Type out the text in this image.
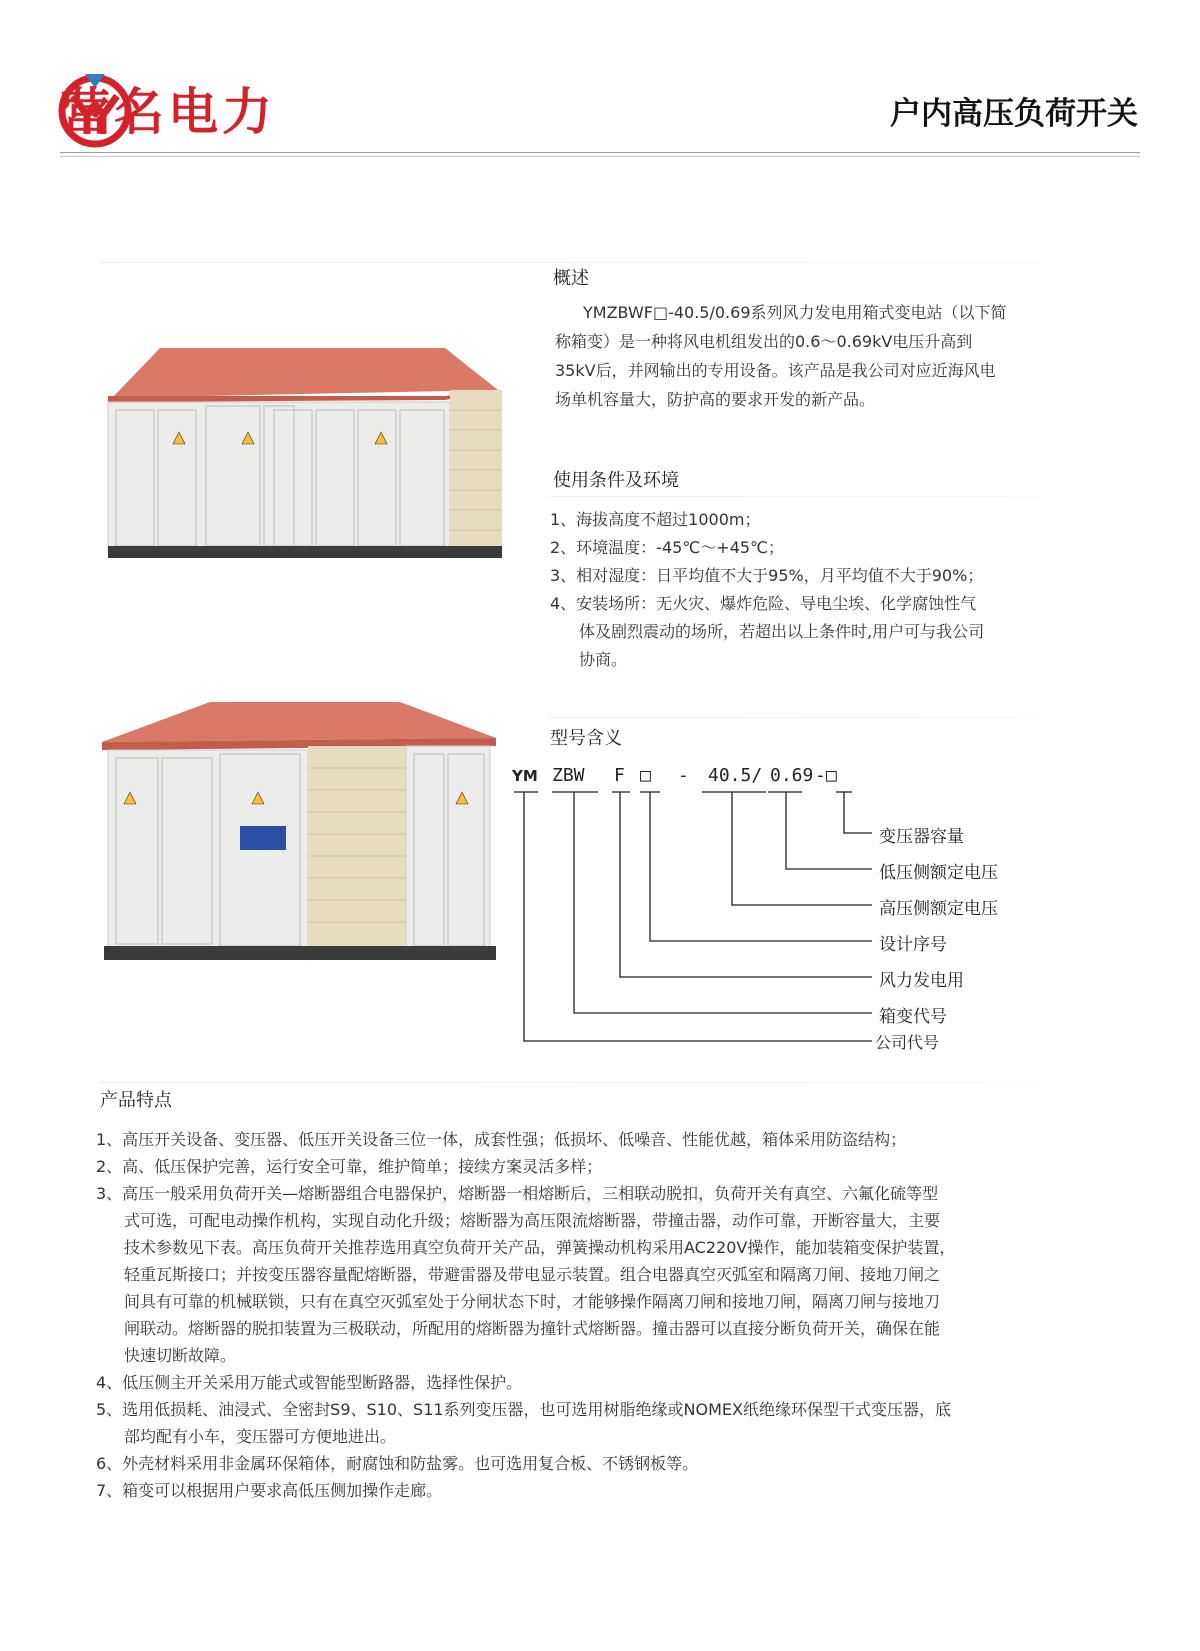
营名电力	户内高压负荷开关
概述
YMZBWF□-40.5/0.69系列风力发电用箱式变电站（以下简
称箱变）是一种将风电机组发出的0.6～0.69kV电压升高到
35kV后，并网输出的专用设备。该产品是我公司对应近海风电
场单机容量大，防护高的要求开发的新产品。
使用条件及环境
1、海拔高度不超过1000m；
2、环境温度：-45℃～+45℃；
3、相对湿度：日平均值不大于95%，月平均值不大于90%；
4、安装场所：无火灾、爆炸危险、导电尘埃、化学腐蚀性气
体及剧烈震动的场所，若超出以上条件时,用户可与我公司
协商。
型号含义
YM ZBW F □ - 40.5/ 0.69 -□
变压器容量
低压侧额定电压
高压侧额定电压
设计序号
风力发电用
箱变代号
公司代号
产品特点
1、高压开关设备、变压器、低压开关设备三位一体，成套性强；低损坏、低噪音、性能优越，箱体采用防盗结构；
2、高、低压保护完善，运行安全可靠，维护简单；接续方案灵活多样；
3、高压一般采用负荷开关—熔断器组合电器保护，熔断器一相熔断后，三相联动脱扣，负荷开关有真空、六氟化硫等型
式可选，可配电动操作机构，实现自动化升级；熔断器为高压限流熔断器，带撞击器，动作可靠，开断容量大，主要
技术参数见下表。高压负荷开关推荐选用真空负荷开关产品，弹簧操动机构采用AC220V操作，能加装箱变保护装置，
轻重瓦斯接口；并按变压器容量配熔断器，带避雷器及带电显示装置。组合电器真空灭弧室和隔离刀闸、接地刀闸之
间具有可靠的机械联锁，只有在真空灭弧室处于分闸状态下时，才能够操作隔离刀闸和接地刀闸，隔离刀闸与接地刀
闸联动。熔断器的脱扣装置为三极联动，所配用的熔断器为撞针式熔断器。撞击器可以直接分断负荷开关，确保在能
快速切断故障。
4、低压侧主开关采用万能式或智能型断路器，选择性保护。
5、选用低损耗、油浸式、全密封S9、S10、S11系列变压器，也可选用树脂绝缘或NOMEX纸绝缘环保型干式变压器，底
部均配有小车，变压器可方便地进出。
6、外壳材料采用非金属环保箱体，耐腐蚀和防盐雾。也可选用复合板、不锈钢板等。
7、箱变可以根据用户要求高低压侧加操作走廊。
